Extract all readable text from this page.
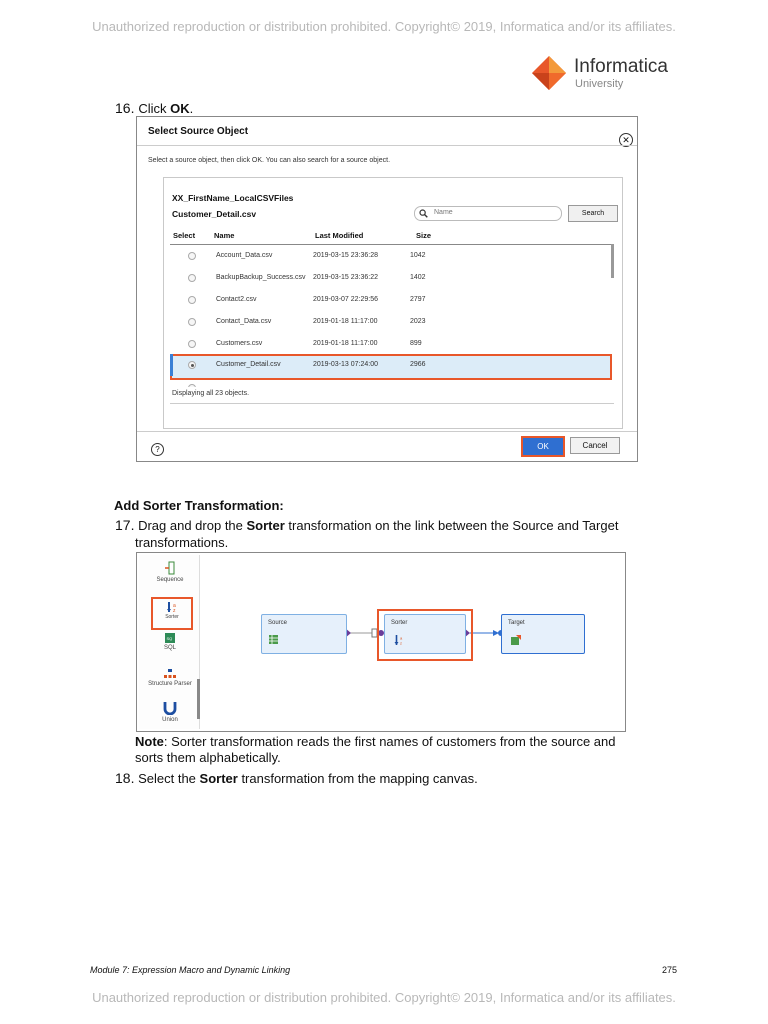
Unauthorized reproduction or distribution prohibited. Copyright© 2019, Informatica and/or its affiliates.
Informatica
University
16. Click OK.
Select Source Object
✕
Select a source object, then click OK. You can also search for a source object.
XX_FirstName_LocalCSVFiles
Customer_Detail.csv	Name	Search
Select	Name	Last Modified	Size
Account_Data.csv	2019-03-15 23:36:28	1042
BackupBackup_Success.csv 2019-03-15 23:36:22	1402
Contact2.csv	2019-03-07 22:29:56	2797
Contact_Data.csv	2019-01-18 11:17:00	2023
Customers.csv	2019-01-18 11:17:00	899
Customer_Detail.csv	2019-03-13 07:24:00	2966
Displaying all 23 objects.
?	OK	Cancel
Add Sorter Transformation:
17. Drag and drop the Sorter transformation on the link between the Source and Target
transformations.
Sequence
a
z
Sorter
SQ
SQL
Structure Parser
Union
Source	Sorter
a
z
Target
Note: Sorter transformation reads the first names of customers from the source and
sorts them alphabetically.
18. Select the Sorter transformation from the mapping canvas.
Module 7: Expression Macro and Dynamic Linking	275
Unauthorized reproduction or distribution prohibited. Copyright© 2019, Informatica and/or its affiliates.
